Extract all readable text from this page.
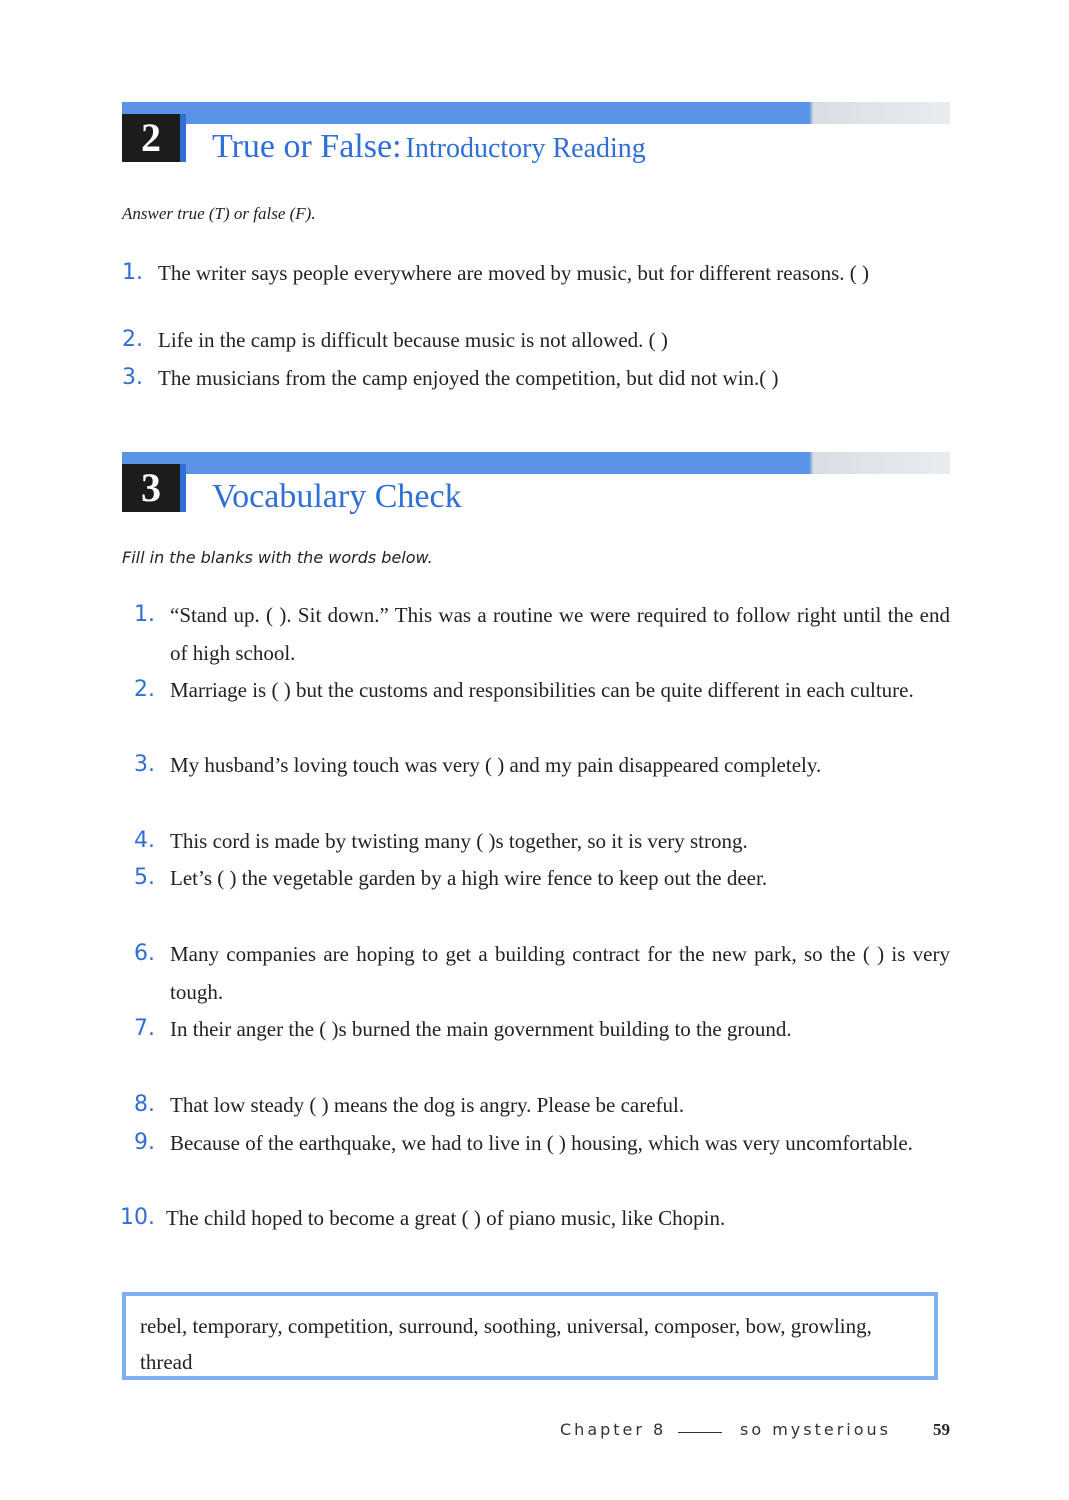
2	True or False: Introductory Reading
Answer true (T) or false (F).
1. The writer says people everywhere are moved by music, but for different reasons. ( )
2. Life in the camp is difficult because music is not allowed. ( )
3. The musicians from the camp enjoyed the competition, but did not win.( )
3	Vocabulary Check
Fill in the blanks with the words below.
1. “Stand up. ( ). Sit down.” This was a routine we were required to follow right until the end of high school.
2. Marriage is ( ) but the customs and responsibilities can be quite different in each culture.
3. My husband’s loving touch was very ( ) and my pain disappeared completely.
4. This cord is made by twisting many ( )s together, so it is very strong.
5. Let’s ( ) the vegetable garden by a high wire fence to keep out the deer.
6. Many companies are hoping to get a building contract for the new park, so the ( ) is very tough.
7. In their anger the ( )s burned the main government building to the ground.
8. That low steady ( ) means the dog is angry. Please be careful.
9. Because of the earthquake, we had to live in ( ) housing, which was very uncomfortable.
10. The child hoped to become a great ( ) of piano music, like Chopin.
rebel, temporary, competition, surround, soothing, universal, composer, bow, growling, thread
Chapter 8	so mysterious 59
